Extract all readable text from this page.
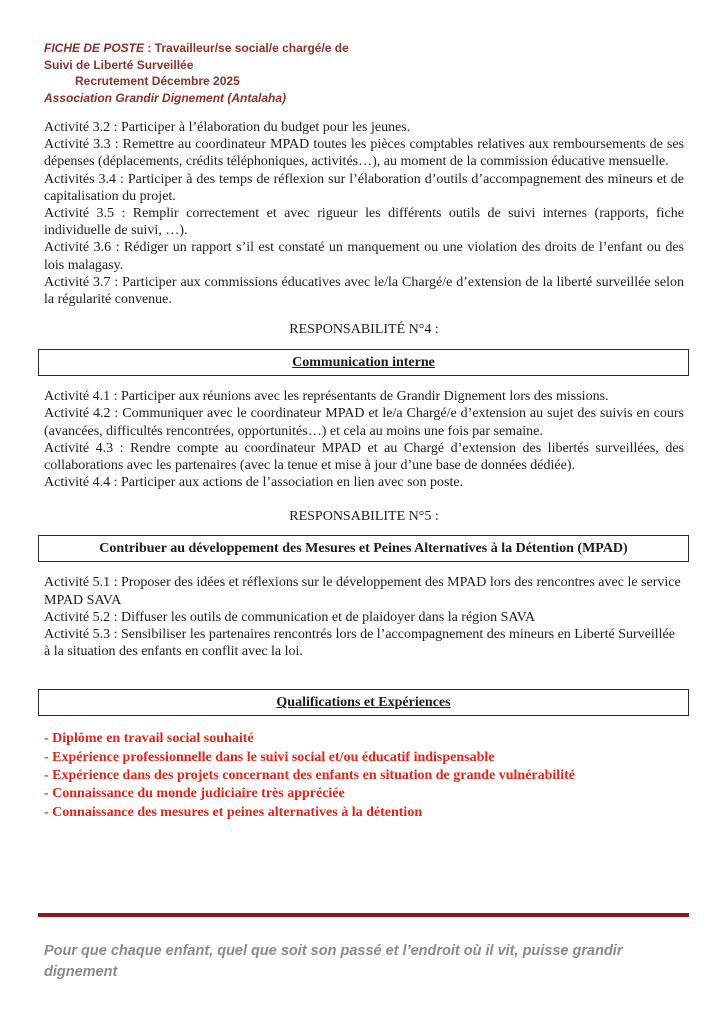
FICHE DE POSTE : Travailleur/se social/e chargé/e de
Suivi de Liberté Surveillée
Recrutement Décembre 2025
Association Grandir Dignement (Antalaha)

Activité 3.2 : Participer à l’élaboration du budget pour les jeunes.

Activité 3.3 : Remettre au coordinateur MPAD toutes les pièces comptables relatives aux remboursements de ses dépenses (déplacements, crédits téléphoniques, activités…), au moment de la commission éducative mensuelle.

Activités 3.4 : Participer à des temps de réflexion sur l’élaboration d’outils d’accompagnement des mineurs et de capitalisation du projet.

Activité 3.5 : Remplir correctement et avec rigueur les différents outils de suivi internes (rapports, fiche individuelle de suivi, …).

Activité 3.6 : Rédiger un rapport s’il est constaté un manquement ou une violation des droits de l’enfant ou des lois malagasy.

Activité 3.7 : Participer aux commissions éducatives avec le/la Chargé/e d’extension de la liberté surveillée selon la régularité convenue.

RESPONSABILITÉ N°4 :
Communication interne

Activité 4.1 : Participer aux réunions avec les représentants de Grandir Dignement lors des missions.

Activité 4.2 : Communiquer avec le coordinateur MPAD et le/a Chargé/e d’extension au sujet des suivis en cours (avancées, difficultés rencontrées, opportunités…) et cela au moins une fois par semaine.

Activité 4.3 : Rendre compte au coordinateur MPAD et au Chargé d’extension des libertés surveillées, des collaborations avec les partenaires (avec la tenue et mise à jour d’une base de données dédiée).

Activité 4.4 : Participer aux actions de l’association en lien avec son poste.

RESPONSABILITE N°5 :
Contribuer au développement des Mesures et Peines Alternatives à la Détention (MPAD)

Activité 5.1 : Proposer des idées et réflexions sur le développement des MPAD lors des rencontres avec le service MPAD SAVA

Activité 5.2 : Diffuser les outils de communication et de plaidoyer dans la région SAVA

Activité 5.3 : Sensibiliser les partenaires rencontrés lors de l’accompagnement des mineurs en Liberté Surveillée à la situation des enfants en conflit avec la loi.

Qualifications et Expériences
- Diplôme en travail social souhaité
- Expérience professionnelle dans le suivi social et/ou éducatif indispensable
- Expérience dans des projets concernant des enfants en situation de grande vulnérabilité
- Connaissance du monde judiciaire très appréciée
- Connaissance des mesures et peines alternatives à la détention

Pour que chaque enfant, quel que soit son passé et l’endroit où il vit, puisse grandir dignement
